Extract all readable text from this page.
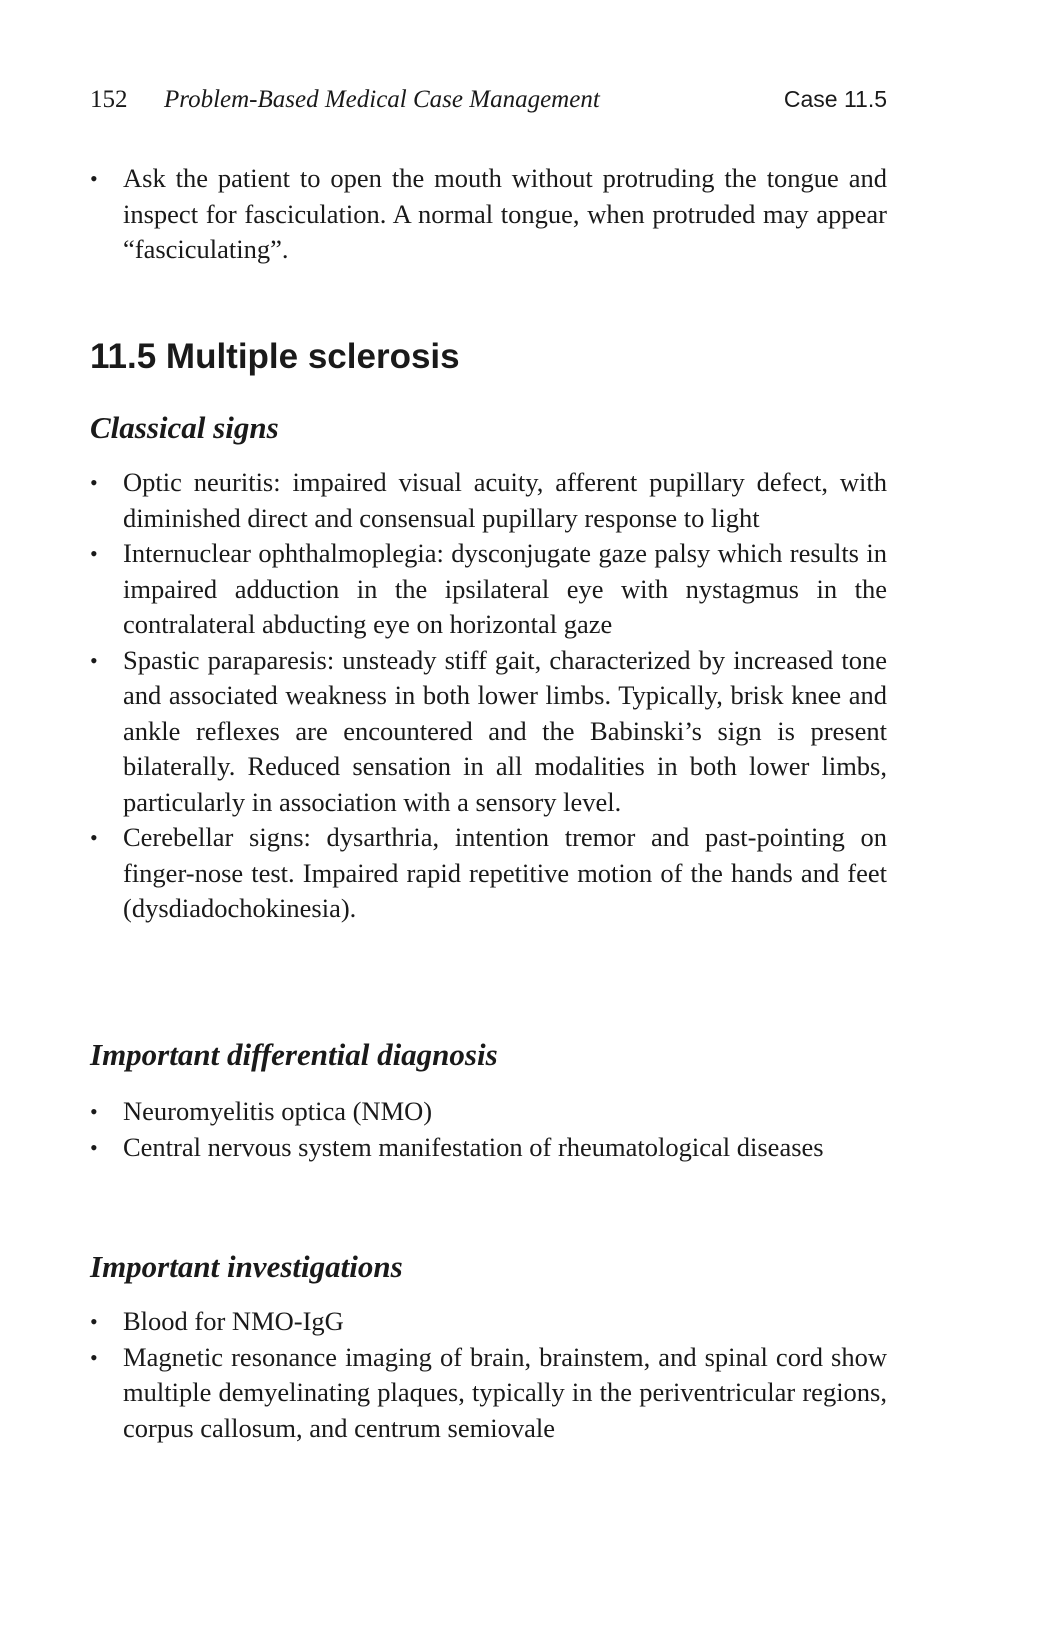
152 Problem-Based Medical Case Management	Case 11.5
• Ask the patient to open the mouth without protruding the tongue and inspect for fasciculation. A normal tongue, when protruded may appear “fasciculating”.
11.5 Multiple sclerosis
Classical signs
• Optic neuritis: impaired visual acuity, afferent pupillary defect, with diminished direct and consensual pupillary response to light
• Internuclear ophthalmoplegia: dysconjugate gaze palsy which results in impaired adduction in the ipsilateral eye with nystagmus in the contralateral abducting eye on horizontal gaze
• Spastic paraparesis: unsteady stiff gait, characterized by increased tone and associated weakness in both lower limbs. Typically, brisk knee and ankle reflexes are encountered and the Babinski’s sign is present bilaterally. Reduced sensation in all modalities in both lower limbs, particularly in association with a sensory level.
• Cerebellar signs: dysarthria, intention tremor and past-pointing on finger-nose test. Impaired rapid repetitive motion of the hands and feet (dysdiadochokinesia).
Important differential diagnosis
• Neuromyelitis optica (NMO)
• Central nervous system manifestation of rheumatological diseases
Important investigations
• Blood for NMO-IgG
• Magnetic resonance imaging of brain, brainstem, and spinal cord show multiple demyelinating plaques, typically in the periventricular regions, corpus callosum, and centrum semiovale
